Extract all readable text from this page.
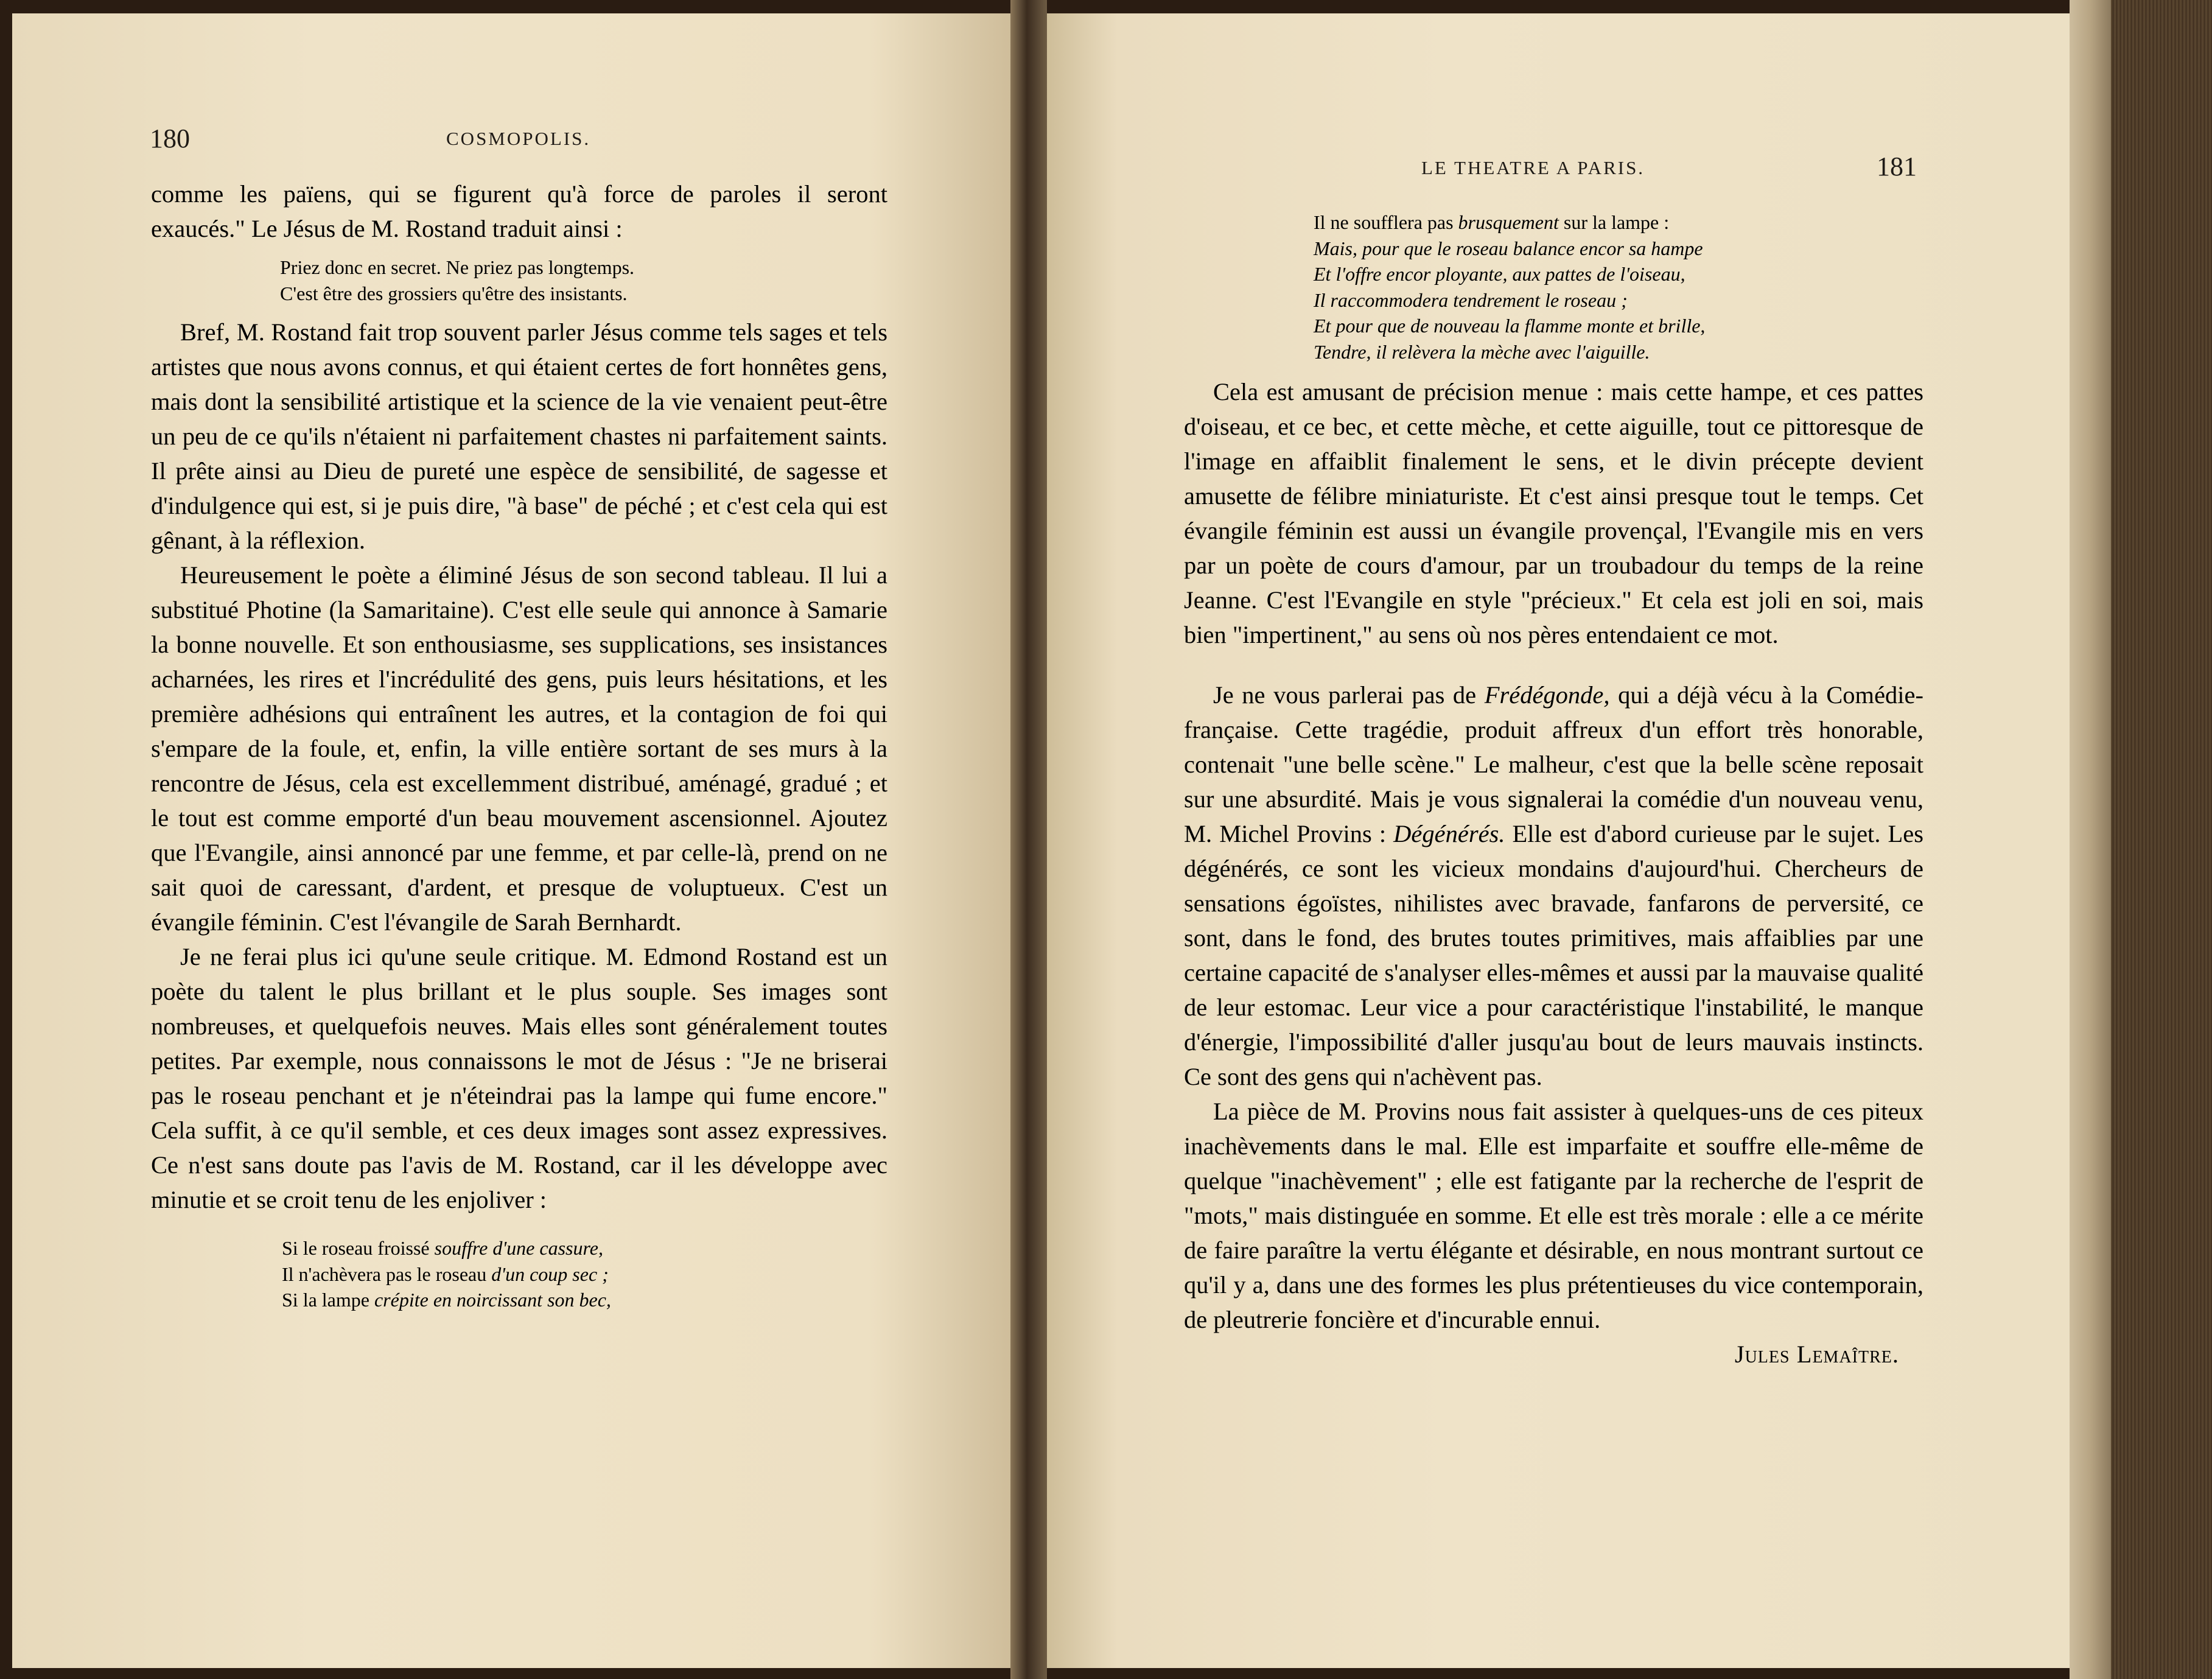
180	COSMOPOLIS.

comme les païens, qui se figurent qu'à force de paroles il seront

exaucés." Le Jésus de M. Rostand traduit ainsi :

Priez donc en secret. Ne priez pas longtemps.
C'est être des grossiers qu'être des insistants.

Bref, M. Rostand fait trop souvent parler Jésus comme tels sages et tels artistes que nous avons connus, et qui étaient certes de fort honnêtes gens, mais dont la sensibilité artistique et la science de la vie venaient peut-être un peu de ce qu'ils n'étaient ni parfaitement chastes ni parfaitement saints. Il prête ainsi au Dieu de pureté une espèce de sensibilité, de sagesse et d'indulgence qui est, si je puis dire, "à base" de péché ; et c'est cela qui est gênant, à la réflexion.

Heureusement le poète a éliminé Jésus de son second tableau. Il lui a substitué Photine (la Samaritaine). C'est elle seule qui annonce à Samarie la bonne nouvelle. Et son enthousiasme, ses supplications, ses insistances acharnées, les rires et l'incrédulité des gens, puis leurs hésitations, et les première adhésions qui entraînent les autres, et la contagion de foi qui s'empare de la foule, et, enfin, la ville entière sortant de ses murs à la rencontre de Jésus, cela est excellemment distribué, aménagé, gradué ; et le tout est comme emporté d'un beau mouvement ascensionnel. Ajoutez que l'Evangile, ainsi annoncé par une femme, et par celle-là, prend on ne sait quoi de caressant, d'ardent, et presque de voluptueux. C'est un évangile féminin. C'est l'évangile de Sarah Bernhardt.

Je ne ferai plus ici qu'une seule critique. M. Edmond Rostand est un poète du talent le plus brillant et le plus souple. Ses images sont nombreuses, et quelquefois neuves. Mais elles sont généralement toutes petites. Par exemple, nous connaissons le mot de Jésus : "Je ne briserai pas le roseau penchant et je n'éteindrai pas la lampe qui fume encore." Cela suffit, à ce qu'il semble, et ces deux images sont assez expressives. Ce n'est sans doute pas l'avis de M. Rostand, car il les développe avec minutie et se croit tenu de les enjoliver :

Si le roseau froissé souffre d'une cassure,
Il n'achèvera pas le roseau d'un coup sec ;
Si la lampe crépite en noircissant son bec,
LE THEATRE A PARIS.	181
Il ne soufflera pas brusquement sur la lampe :
Mais, pour que le roseau balance encor sa hampe
Et l'offre encor ployante, aux pattes de l'oiseau,
Il raccommodera tendrement le roseau ;
Et pour que de nouveau la flamme monte et brille,
Tendre, il relèvera la mèche avec l'aiguille.

Cela est amusant de précision menue : mais cette hampe, et ces pattes d'oiseau, et ce bec, et cette mèche, et cette aiguille, tout ce pittoresque de l'image en affaiblit finalement le sens, et le divin précepte devient amusette de félibre miniaturiste. Et c'est ainsi presque tout le temps. Cet évangile féminin est aussi un évangile provençal, l'Evangile mis en vers par un poète de cours d'amour, par un troubadour du temps de la reine Jeanne. C'est l'Evangile en style "précieux." Et cela est joli en soi, mais bien "impertinent," au sens où nos pères entendaient ce mot.

Je ne vous parlerai pas de Frédégonde, qui a déjà vécu à la Comédie-française. Cette tragédie, produit affreux d'un effort très honorable, contenait "une belle scène." Le malheur, c'est que la belle scène reposait sur une absurdité. Mais je vous signalerai la comédie d'un nouveau venu, M. Michel Provins : Dégénérés. Elle est d'abord curieuse par le sujet. Les dégénérés, ce sont les vicieux mondains d'aujourd'hui. Chercheurs de sensations égoïstes, nihilistes avec bravade, fanfarons de perversité, ce sont, dans le fond, des brutes toutes primitives, mais affaiblies par une certaine capacité de s'analyser elles-mêmes et aussi par la mauvaise qualité de leur estomac. Leur vice a pour caractéristique l'instabilité, le manque d'énergie, l'impossibilité d'aller jusqu'au bout de leurs mauvais instincts. Ce sont des gens qui n'achèvent pas.

La pièce de M. Provins nous fait assister à quelques-uns de ces piteux inachèvements dans le mal. Elle est imparfaite et souffre elle-même de quelque "inachèvement" ; elle est fatigante par la recherche de l'esprit de "mots," mais distinguée en somme. Et elle est très morale : elle a ce mérite de faire paraître la vertu élégante et désirable, en nous montrant surtout ce qu'il y a, dans une des formes les plus prétentieuses du vice contemporain, de pleutrerie foncière et d'incurable ennui.

Jules Lemaître.
